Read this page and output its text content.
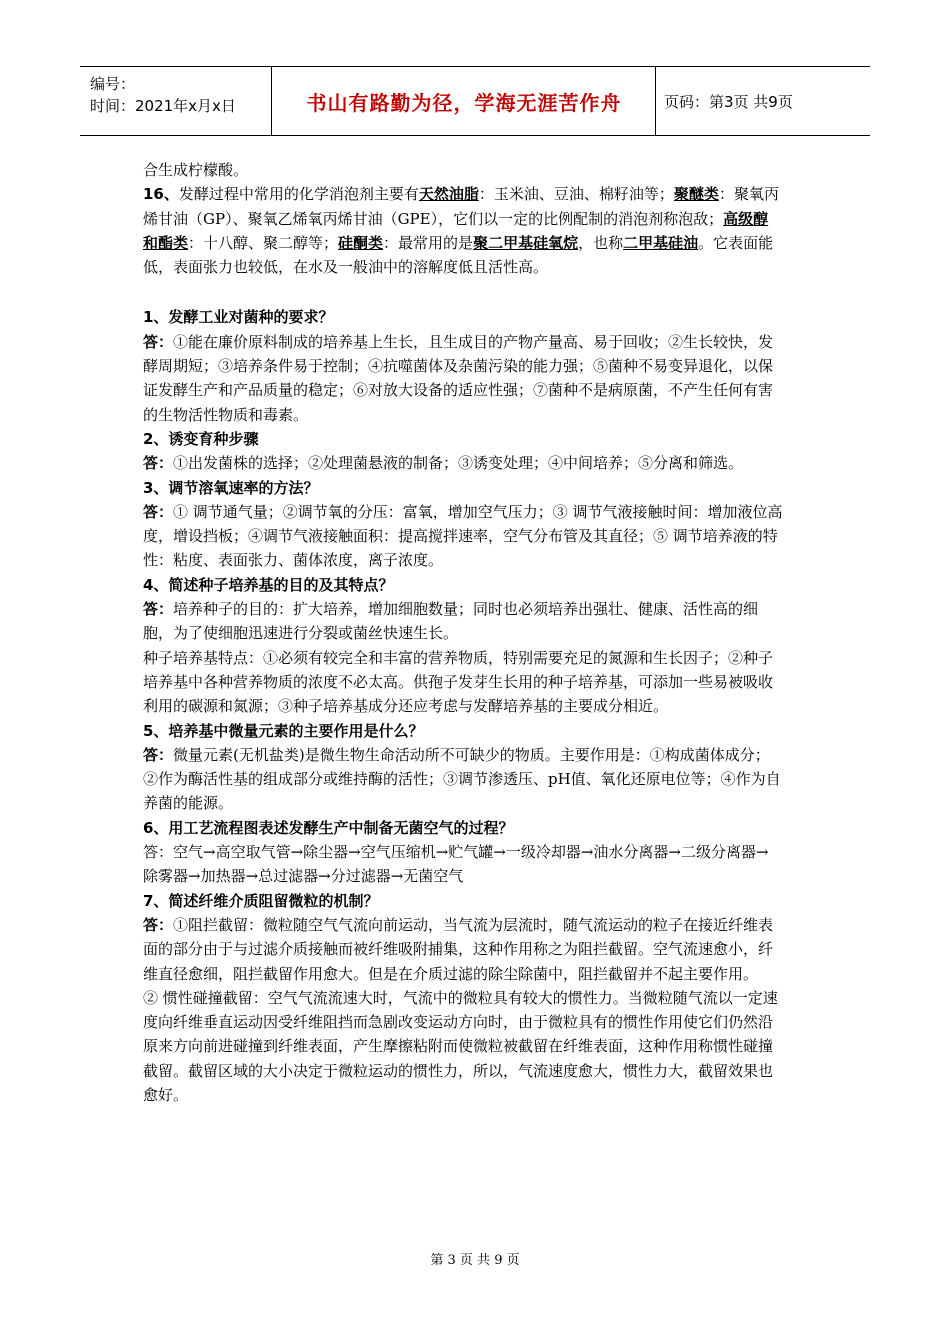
编号：
时间：2021年x月x日	书山有路勤为径，学海无涯苦作舟	页码：第3页 共9页

合生成柠檬酸。

16、发酵过程中常用的化学消泡剂主要有天然油脂：玉米油、豆油、棉籽油等；聚醚类：聚氧丙烯甘油（GP）、聚氧乙烯氧丙烯甘油（GPE），它们以一定的比例配制的消泡剂称泡敌；高级醇和酯类：十八醇、聚二醇等；硅酮类：最常用的是聚二甲基硅氧烷，也称二甲基硅油。它表面能低，表面张力也较低，在水及一般油中的溶解度低且活性高。

1、发酵工业对菌种的要求？

答：①能在廉价原料制成的培养基上生长，且生成目的产物产量高、易于回收；②生长较快，发酵周期短；③培养条件易于控制；④抗噬菌体及杂菌污染的能力强；⑤菌种不易变异退化，以保证发酵生产和产品质量的稳定；⑥对放大设备的适应性强；⑦菌种不是病原菌，不产生任何有害的生物活性物质和毒素。

2、诱变育种步骤

答：①出发菌株的选择；②处理菌悬液的制备；③诱变处理；④中间培养；⑤分离和筛选。

3、调节溶氧速率的方法？

答：① 调节通气量；②调节氧的分压：富氧，增加空气压力；③ 调节气液接触时间：增加液位高度，增设挡板；④调节气液接触面积：提高搅拌速率，空气分布管及其直径；⑤ 调节培养液的特性：粘度、表面张力、菌体浓度，离子浓度。

4、简述种子培养基的目的及其特点？

答：培养种子的目的：扩大培养，增加细胞数量；同时也必须培养出强壮、健康、活性高的细胞，为了使细胞迅速进行分裂或菌丝快速生长。

种子培养基特点：①必须有较完全和丰富的营养物质，特别需要充足的氮源和生长因子；②种子培养基中各种营养物质的浓度不必太高。供孢子发芽生长用的种子培养基，可添加一些易被吸收利用的碳源和氮源；③种子培养基成分还应考虑与发酵培养基的主要成分相近。

5、培养基中微量元素的主要作用是什么？

答：微量元素(无机盐类)是微生物生命活动所不可缺少的物质。主要作用是：①构成菌体成分；②作为酶活性基的组成部分或维持酶的活性；③调节渗透压、pH值、氧化还原电位等；④作为自养菌的能源。

6、用工艺流程图表述发酵生产中制备无菌空气的过程？

答：空气→高空取气管→除尘器→空气压缩机→贮气罐→一级冷却器→油水分离器→二级分离器→除雾器→加热器→总过滤器→分过滤器→无菌空气

7、简述纤维介质阻留微粒的机制？

答：①阻拦截留：微粒随空气气流向前运动，当气流为层流时，随气流运动的粒子在接近纤维表面的部分由于与过滤介质接触而被纤维吸附捕集，这种作用称之为阻拦截留。空气流速愈小，纤维直径愈细，阻拦截留作用愈大。但是在介质过滤的除尘除菌中，阻拦截留并不起主要作用。

② 惯性碰撞截留：空气气流流速大时，气流中的微粒具有较大的惯性力。当微粒随气流以一定速度向纤维垂直运动因受纤维阻挡而急剧改变运动方向时，由于微粒具有的惯性作用使它们仍然沿原来方向前进碰撞到纤维表面，产生摩擦粘附而使微粒被截留在纤维表面，这种作用称惯性碰撞截留。截留区域的大小决定于微粒运动的惯性力，所以，气流速度愈大，惯性力大，截留效果也愈好。

第 3 页 共 9 页
